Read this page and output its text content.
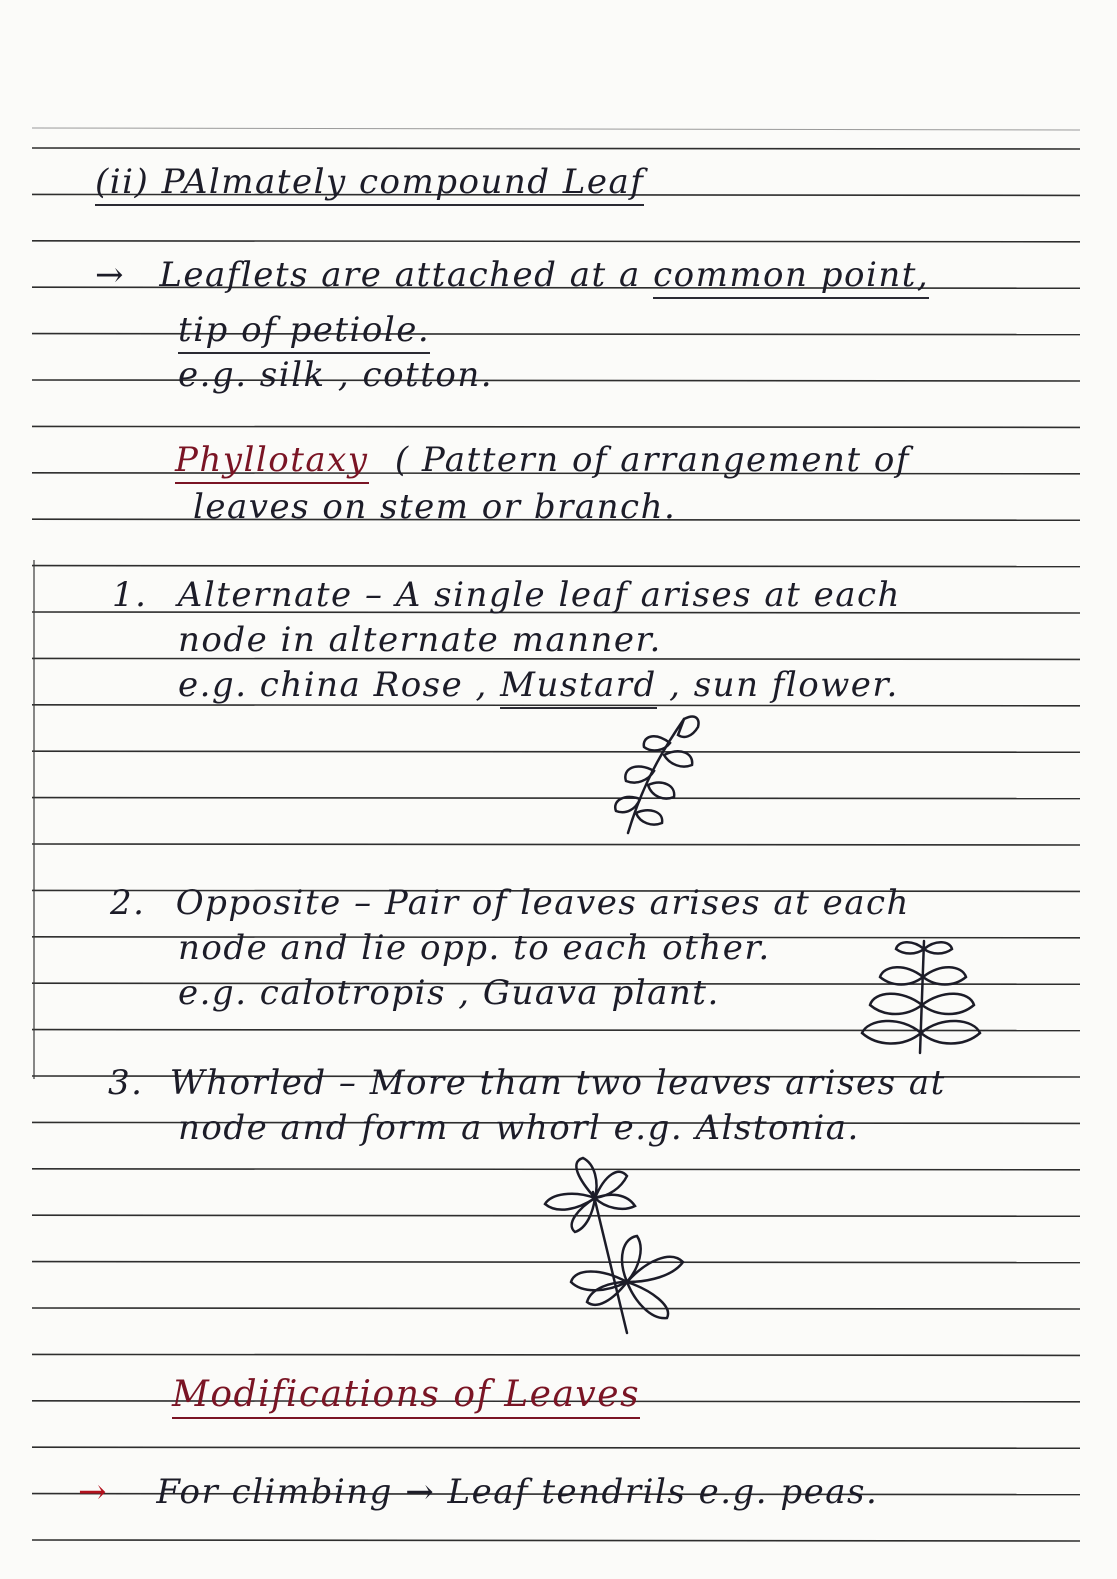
(ii) PAlmately compound Leaf
→ Leaflets are attached at a common point,
tip of petiole.
e.g. silk , cotton.
Phyllotaxy ( Pattern of arrangement of
leaves on stem or branch.
1. Alternate – A single leaf arises at each
node in alternate manner.
e.g. china Rose , Mustard , sun flower.
2. Opposite – Pair of leaves arises at each
node and lie opp. to each other.
e.g. calotropis , Guava plant.
3. Whorled – More than two leaves arises at
node and form a whorl e.g. Alstonia.
Modifications of Leaves
→ For climbing → Leaf tendrils e.g. peas.
